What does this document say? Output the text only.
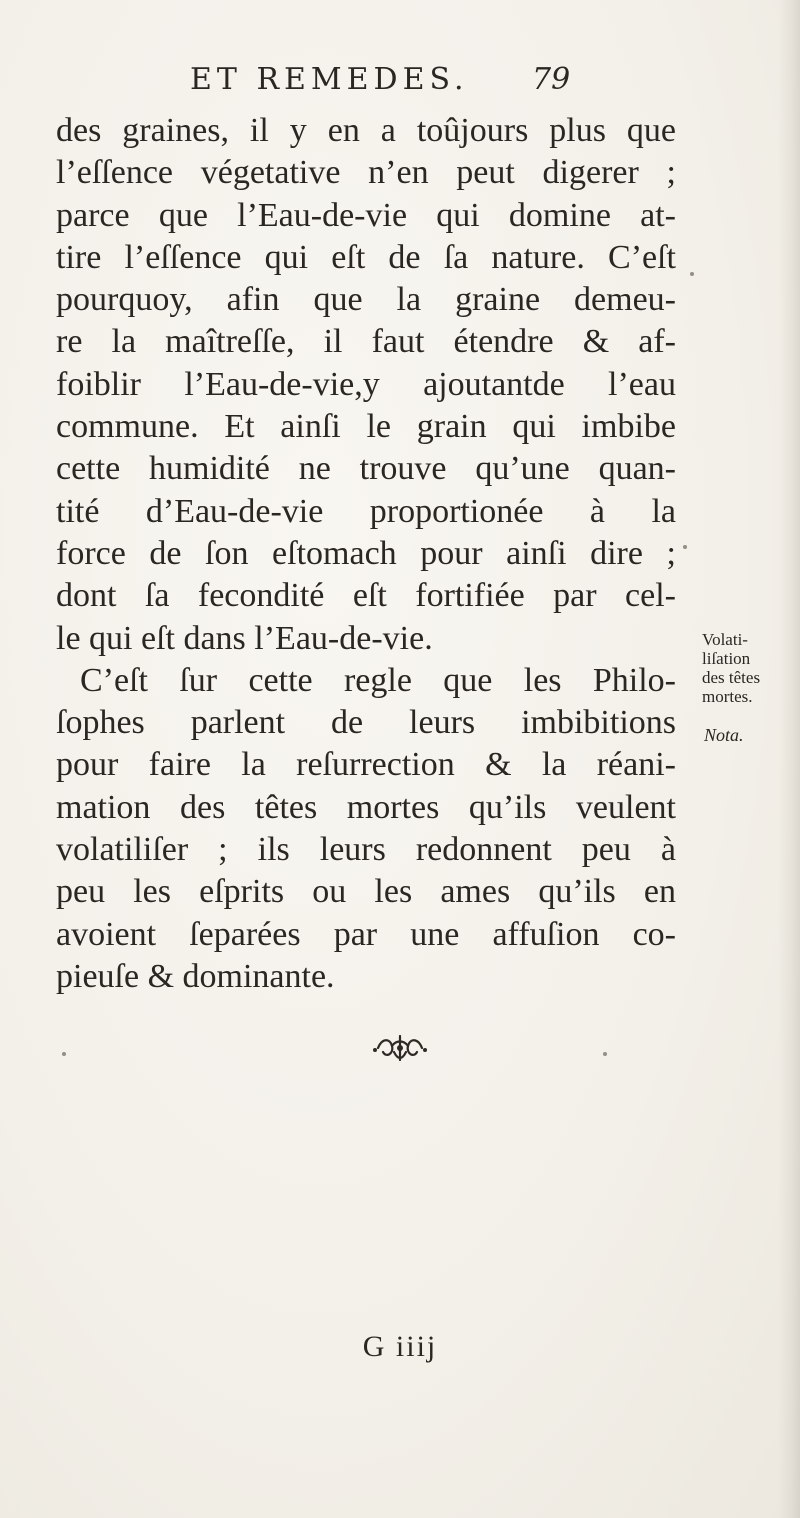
ET REMEDES. 79
des graines, il y en a toûjours plus que
l’eſſence végetative n’en peut digerer ;
parce que l’Eau-de-vie qui domine at-
tire l’eſſence qui eſt de ſa nature. C’eſt
pourquoy, afin que la graine demeu-
re la maîtreſſe, il faut étendre & af-
foiblir l’Eau-de-vie,y ajoutantde l’eau
commune. Et ainſi le grain qui imbibe
cette humidité ne trouve qu’une quan-
tité d’Eau-de-vie proportionée à la
force de ſon eſtomach pour ainſi dire ;
dont ſa fecondité eſt fortifiée par cel-
le qui eſt dans l’Eau-de-vie.
C’eſt ſur cette regle que les Philo-
ſophes parlent de leurs imbibitions
pour faire la reſurrection & la réani-
mation des têtes mortes qu’ils veulent
volatiliſer ; ils leurs redonnent peu à
peu les eſprits ou les ames qu’ils en
avoient ſeparées par une affuſion co-
pieuſe & dominante.
Volati-
liſation
des têtes
mortes.
Nota.
G iiij
